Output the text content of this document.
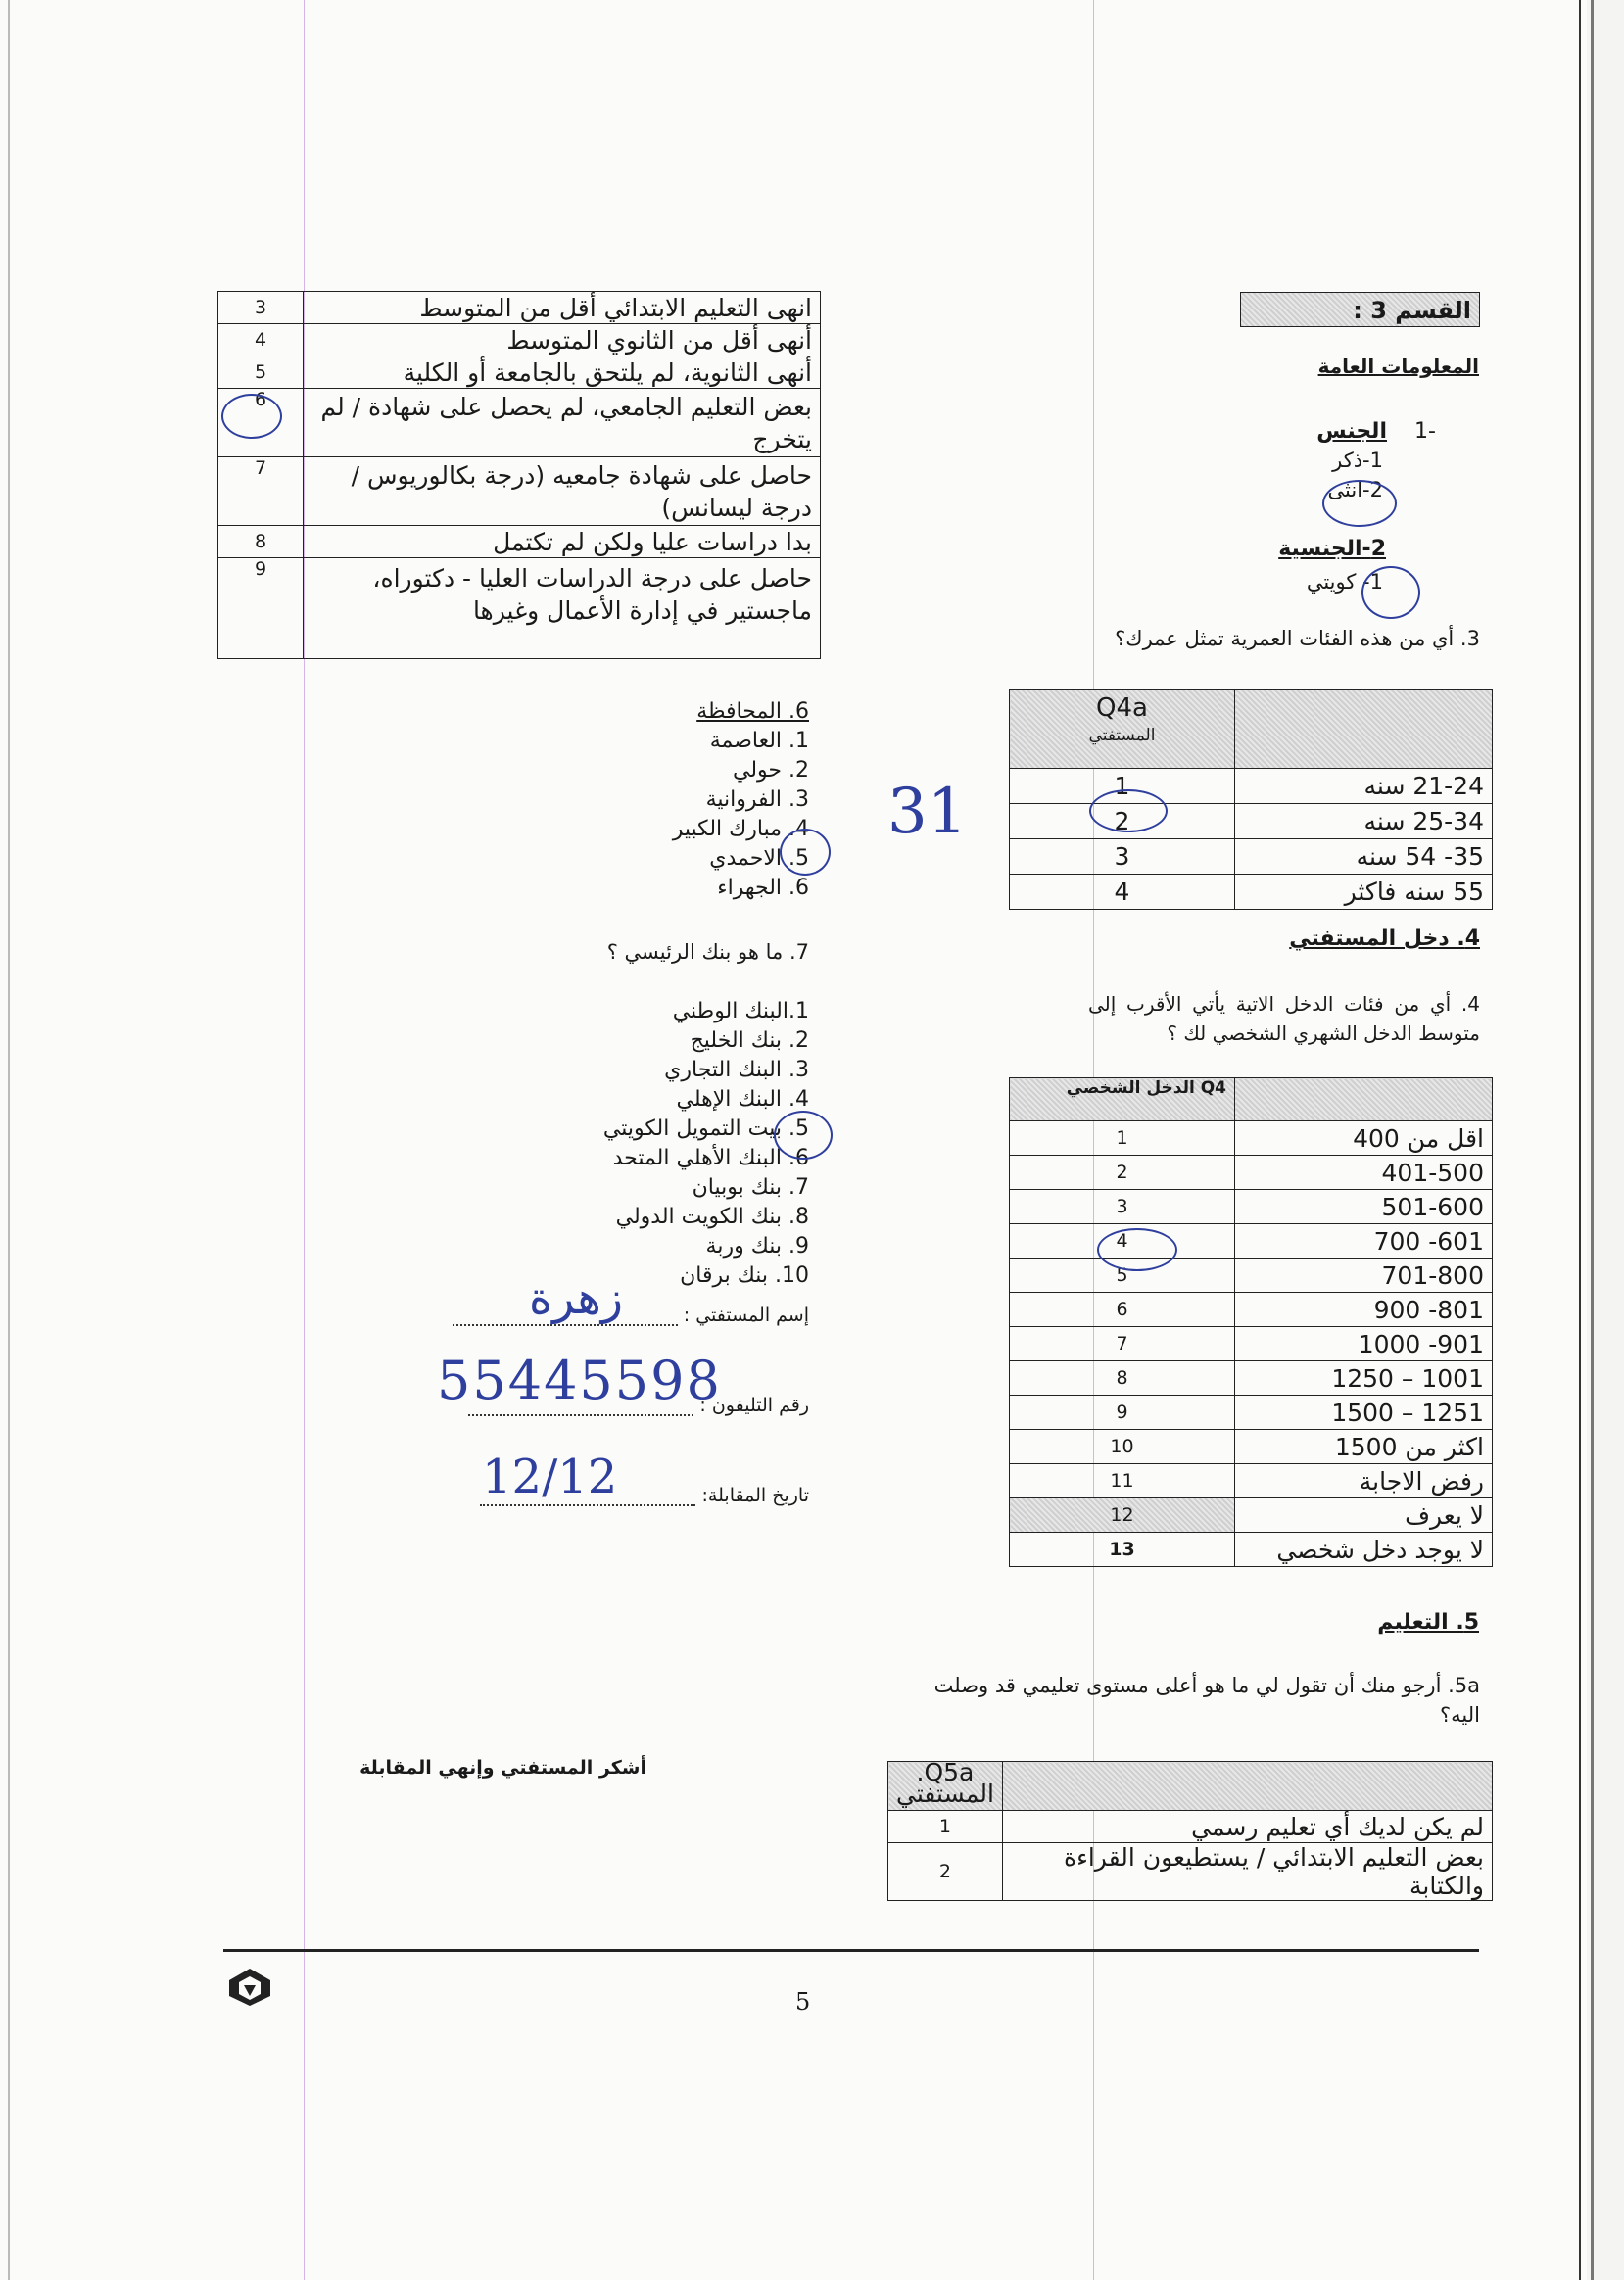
انهى التعليم الابتدائي أقل من المتوسط	3
أنهى أقل من الثانوي المتوسط	4
أنهى الثانوية، لم يلتحق بالجامعة أو الكلية	5
بعض التعليم الجامعي، لم يحصل على شهادة / لم يتخرج	6
حاصل على شهادة جامعيه (درجة بكالوريوس / درجة ليسانس)	7
بدا دراسات عليا ولكن لم تكتمل	8
حاصل على درجة الدراسات العليا - دكتوراه، ماجستير في إدارة الأعمال وغيرها	9
القسم 3 :
المعلومات العامة
-1
الجنس
1-ذكر
2-انثى
2-الجنسية
1- كويتي
3. أي من هذه الفئات العمرية تمثل عمرك؟

	Q4a
المستفتي

21-24 سنه	1
25-34 سنه	2
35- 54 سنه	3
55 سنه فاكثر	4
4. دخل المستفتي
4. أي من فئات الدخل الاتية يأتي الأقرب إلى متوسط الدخل الشهري الشخصي لك ؟
	Q4 الدخل الشخصي
اقل من 400	1
401-500	2
501-600	3
601- 700	4
701-800	5
801- 900	6
901- 1000	7
1001 – 1250	8
1251 – 1500	9
اكثر من 1500	10
رفض الاجابة	11
لا يعرف	12
لا يوجد دخل شخصي	13
5. التعليم
5a. أرجو منك أن تقول لي ما هو أعلى مستوى تعليمي قد وصلت اليه؟
	Q5a. المستفتي
لم يكن لديك أي تعليم رسمي	1
بعض التعليم الابتدائي / يستطيعون القراءة والكتابة	2
6. المحافظة
1. العاصمة
2. حولي
3. الفروانية
4. مبارك الكبير
5. الاحمدي
6. الجهراء
31
7. ما هو بنك الرئيسي ؟
1.البنك الوطني
2. بنك الخليج
3. البنك التجاري
4. البنك الإهلي
5. بيت التمويل الكويتي
6. البنك الأهلي المتحد
7. بنك بوبيان
8. بنك الكويت الدولي
9. بنك وربة
10. بنك برقان
إسم المستفتي :
زهرة
رقم التليفون :
55445598
تاريخ المقابلة:
12/12
أشكر المستفتي وإنهي المقابلة
5
